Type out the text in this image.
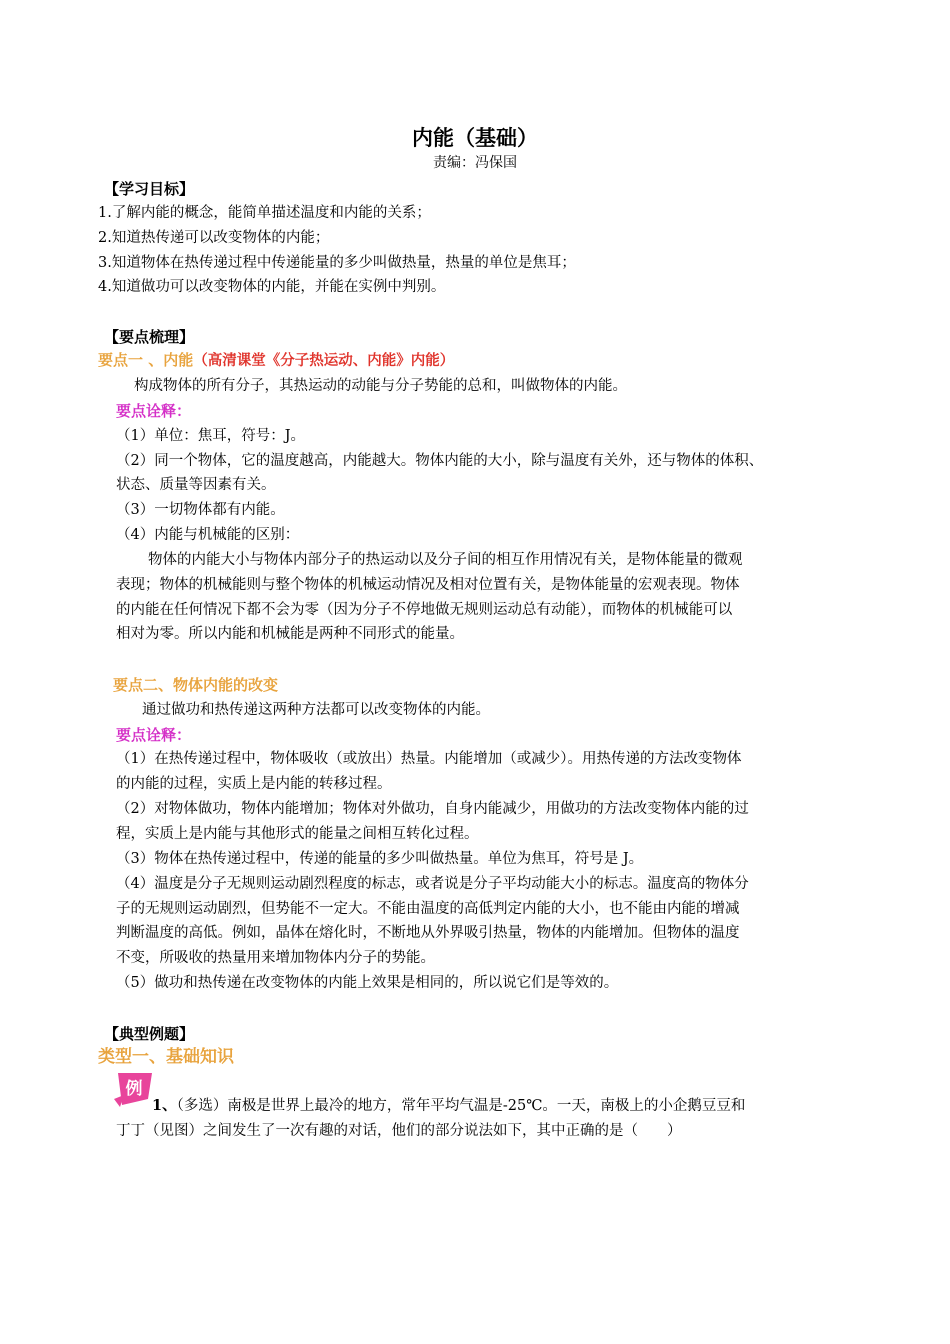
内能（基础）
责编：冯保国
【学习目标】
1.了解内能的概念，能简单描述温度和内能的关系；
2.知道热传递可以改变物体的内能；
3.知道物体在热传递过程中传递能量的多少叫做热量，热量的单位是焦耳；
4.知道做功可以改变物体的内能，并能在实例中判别。
【要点梳理】
要点一 、内能（高清课堂《分子热运动、内能》内能）
构成物体的所有分子，其热运动的动能与分子势能的总和，叫做物体的内能。
要点诠释：
（1）单位：焦耳，符号：J。
（2）同一个物体，它的温度越高，内能越大。物体内能的大小，除与温度有关外，还与物体的体积、
状态、质量等因素有关。
（3）一切物体都有内能。
（4）内能与机械能的区别：
物体的内能大小与物体内部分子的热运动以及分子间的相互作用情况有关，是物体能量的微观
表现；物体的机械能则与整个物体的机械运动情况及相对位置有关，是物体能量的宏观表现。物体
的内能在任何情况下都不会为零（因为分子不停地做无规则运动总有动能），而物体的机械能可以
相对为零。所以内能和机械能是两种不同形式的能量。
要点二、物体内能的改变
通过做功和热传递这两种方法都可以改变物体的内能。
要点诠释：
（1）在热传递过程中，物体吸收（或放出）热量。内能增加（或减少）。用热传递的方法改变物体
的内能的过程，实质上是内能的转移过程。
（2）对物体做功，物体内能增加；物体对外做功，自身内能减少，用做功的方法改变物体内能的过
程，实质上是内能与其他形式的能量之间相互转化过程。
（3）物体在热传递过程中，传递的能量的多少叫做热量。单位为焦耳，符号是 J。
（4）温度是分子无规则运动剧烈程度的标志，或者说是分子平均动能大小的标志。温度高的物体分
子的无规则运动剧烈，但势能不一定大。不能由温度的高低判定内能的大小，也不能由内能的增减
判断温度的高低。例如，晶体在熔化时，不断地从外界吸引热量，物体的内能增加。但物体的温度
不变，所吸收的热量用来增加物体内分子的势能。
（5）做功和热传递在改变物体的内能上效果是相同的，所以说它们是等效的。
【典型例题】
类型一、基础知识
例
1、（多选）南极是世界上最冷的地方，常年平均气温是-25℃。一天，南极上的小企鹅豆豆和
丁丁（见图）之间发生了一次有趣的对话，他们的部分说法如下，其中正确的是（　　）
